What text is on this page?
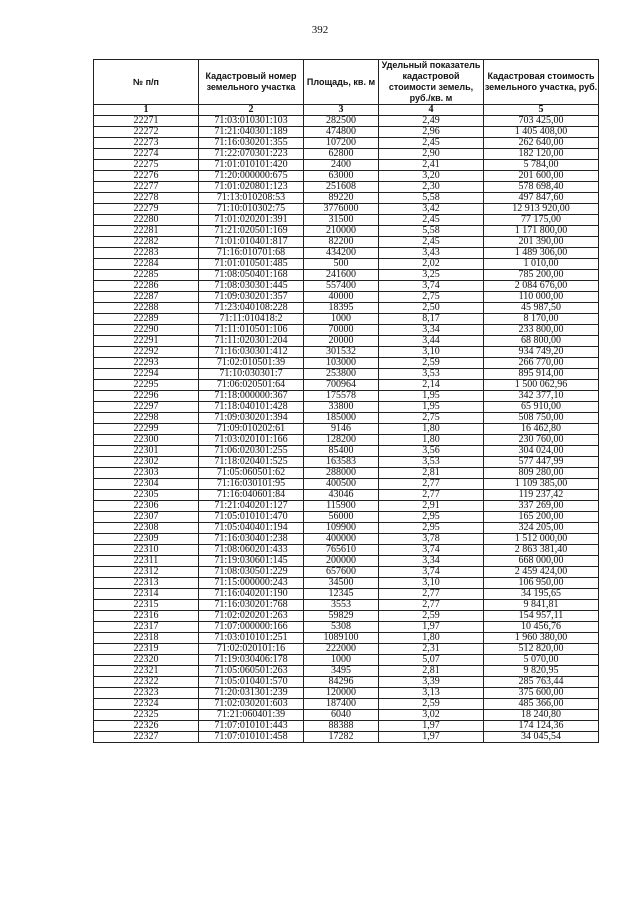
392
№ п/п	Кадастровый номер земельного участка	Площадь, кв. м	Удельный показатель кадастровой стоимости земель, руб./кв. м	Кадастровая стоимость земельного участка, руб.
1	2	3	4	5
22271	71:03:010301:103	282500	2,49	703 425,00
22272	71:21:040301:189	474800	2,96	1 405 408,00
22273	71:16:030201:355	107200	2,45	262 640,00
22274	71:22:070301:223	62800	2,90	182 120,00
22275	71:01:010101:420	2400	2,41	5 784,00
22276	71:20:000000:675	63000	3,20	201 600,00
22277	71:01:020801:123	251608	2,30	578 698,40
22278	71:13:010208:53	89220	5,58	497 847,60
22279	71:10:010302:75	3776000	3,42	12 913 920,00
22280	71:01:020201:391	31500	2,45	77 175,00
22281	71:21:020501:169	210000	5,58	1 171 800,00
22282	71:01:010401:817	82200	2,45	201 390,00
22283	71:16:010701:68	434200	3,43	1 489 306,00
22284	71:01:010501:485	500	2,02	1 010,00
22285	71:08:050401:168	241600	3,25	785 200,00
22286	71:08:030301:445	557400	3,74	2 084 676,00
22287	71:09:030201:357	40000	2,75	110 000,00
22288	71:23:040108:228	18395	2,50	45 987,50
22289	71:11:010418:2	1000	8,17	8 170,00
22290	71:11:010501:106	70000	3,34	233 800,00
22291	71:11:020301:204	20000	3,44	68 800,00
22292	71:16:030301:412	301532	3,10	934 749,20
22293	71:02:010501:39	103000	2,59	266 770,00
22294	71:10:030301:7	253800	3,53	895 914,00
22295	71:06:020501:64	700964	2,14	1 500 062,96
22296	71:18:000000:367	175578	1,95	342 377,10
22297	71:18:040101:428	33800	1,95	65 910,00
22298	71:09:030201:394	185000	2,75	508 750,00
22299	71:09:010202:61	9146	1,80	16 462,80
22300	71:03:020101:166	128200	1,80	230 760,00
22301	71:06:020301:255	85400	3,56	304 024,00
22302	71:18:020401:525	163583	3,53	577 447,99
22303	71:05:060501:62	288000	2,81	809 280,00
22304	71:16:030101:95	400500	2,77	1 109 385,00
22305	71:16:040601:84	43046	2,77	119 237,42
22306	71:21:040201:127	115900	2,91	337 269,00
22307	71:05:010101:470	56000	2,95	165 200,00
22308	71:05:040401:194	109900	2,95	324 205,00
22309	71:16:030401:238	400000	3,78	1 512 000,00
22310	71:08:060201:433	765610	3,74	2 863 381,40
22311	71:19:030601:145	200000	3,34	668 000,00
22312	71:08:030501:229	657600	3,74	2 459 424,00
22313	71:15:000000:243	34500	3,10	106 950,00
22314	71:16:040201:190	12345	2,77	34 195,65
22315	71:16:030201:768	3553	2,77	9 841,81
22316	71:02:020201:263	59829	2,59	154 957,11
22317	71:07:000000:166	5308	1,97	10 456,76
22318	71:03:010101:251	1089100	1,80	1 960 380,00
22319	71:02:020101:16	222000	2,31	512 820,00
22320	71:19:030406:178	1000	5,07	5 070,00
22321	71:05:060501:263	3495	2,81	9 820,95
22322	71:05:010401:570	84296	3,39	285 763,44
22323	71:20:031301:239	120000	3,13	375 600,00
22324	71:02:030201:603	187400	2,59	485 366,00
22325	71:21:060401:39	6040	3,02	18 240,80
22326	71:07:010101:443	88388	1,97	174 124,36
22327	71:07:010101:458	17282	1,97	34 045,54
